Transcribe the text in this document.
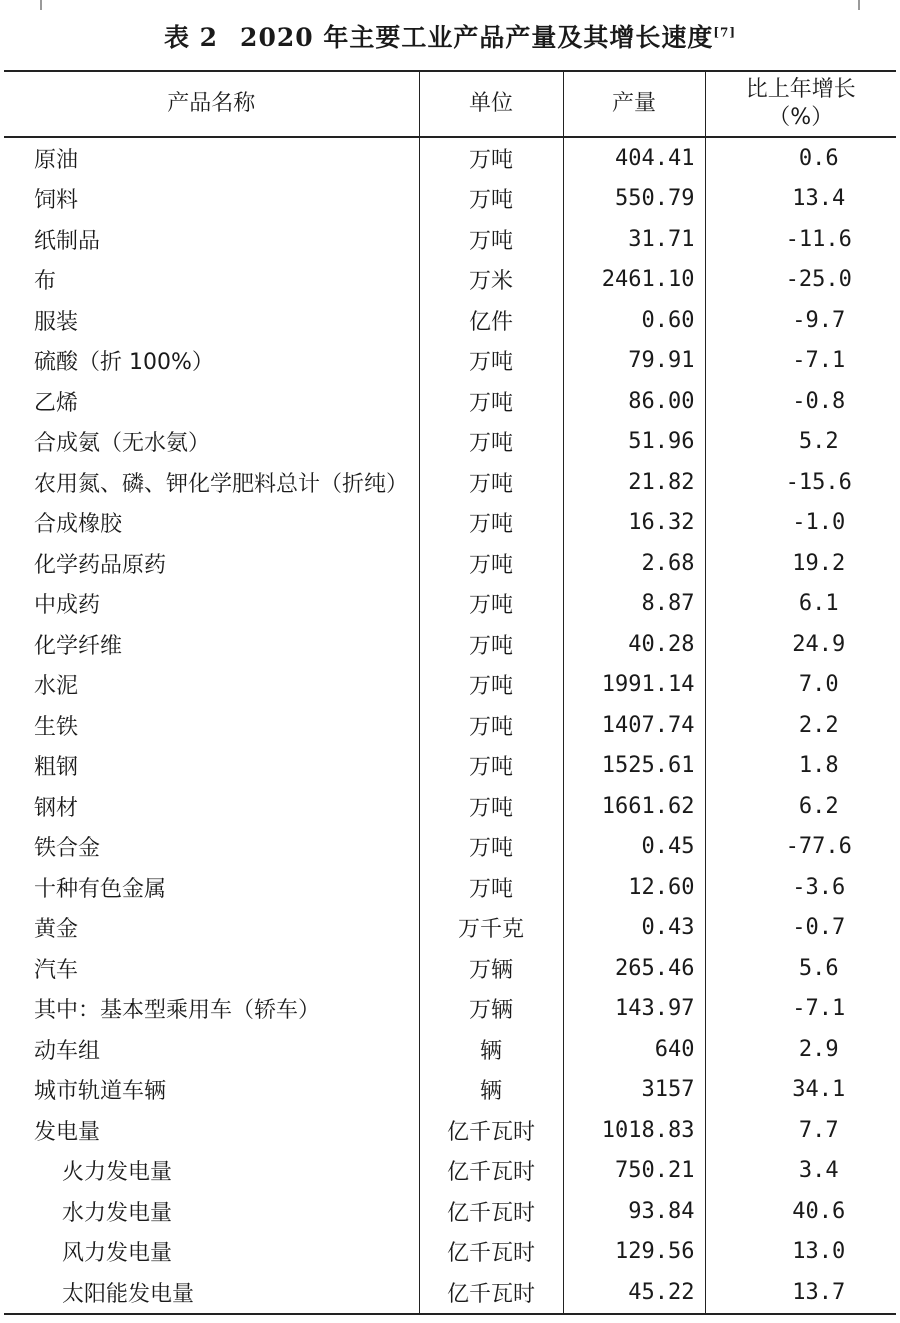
表 2 2020 年主要工业产品产量及其增长速度[7]
产品名称	单位	产量	比上年增长
（%）

原油	万吨	404.41	0.6
饲料	万吨	550.79	13.4
纸制品	万吨	31.71	-11.6
布	万米	2461.10	-25.0
服装	亿件	0.60	-9.7
硫酸（折 100%）	万吨	79.91	-7.1
乙烯	万吨	86.00	-0.8
合成氨（无水氨）	万吨	51.96	5.2
农用氮、磷、钾化学肥料总计（折纯）	万吨	21.82	-15.6
合成橡胶	万吨	16.32	-1.0
化学药品原药	万吨	2.68	19.2
中成药	万吨	8.87	6.1
化学纤维	万吨	40.28	24.9
水泥	万吨	1991.14	7.0
生铁	万吨	1407.74	2.2
粗钢	万吨	1525.61	1.8
钢材	万吨	1661.62	6.2
铁合金	万吨	0.45	-77.6
十种有色金属	万吨	12.60	-3.6
黄金	万千克	0.43	-0.7
汽车	万辆	265.46	5.6
其中：基本型乘用车（轿车）	万辆	143.97	-7.1
动车组	辆	640	2.9
城市轨道车辆	辆	3157	34.1
发电量	亿千瓦时	1018.83	7.7
火力发电量	亿千瓦时	750.21	3.4
水力发电量	亿千瓦时	93.84	40.6
风力发电量	亿千瓦时	129.56	13.0
太阳能发电量	亿千瓦时	45.22	13.7
